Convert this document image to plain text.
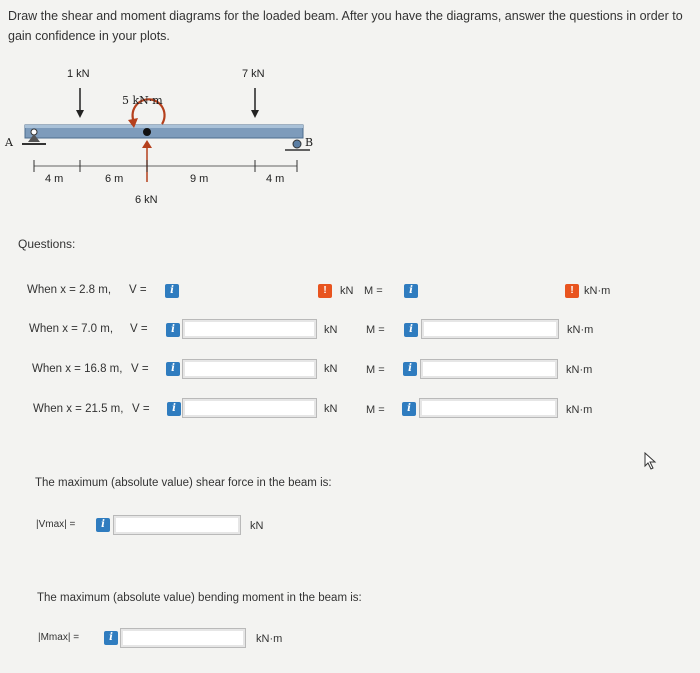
Draw the shear and moment diagrams for the loaded beam. After you have the diagrams, answer the questions in order to gain confidence in your plots.
1 kN
5 kN·m
7 kN
A	B
4 m	6 m	9 m	4 m
6 kN
Questions:
When x = 2.8 m, V =	i	!	kN M =	i	! kN·m
When x = 7.0 m, V =	i	kN	M =	i	kN·m
When x = 16.8 m, V =	i	kN	M =	i	kN·m
When x = 21.5 m, V =	i	kN	M =	i	kN·m
The maximum (absolute value) shear force in the beam is:
|Vmax| =	i	kN
The maximum (absolute value) bending moment in the beam is:
|Mmax| =	i	kN·m
